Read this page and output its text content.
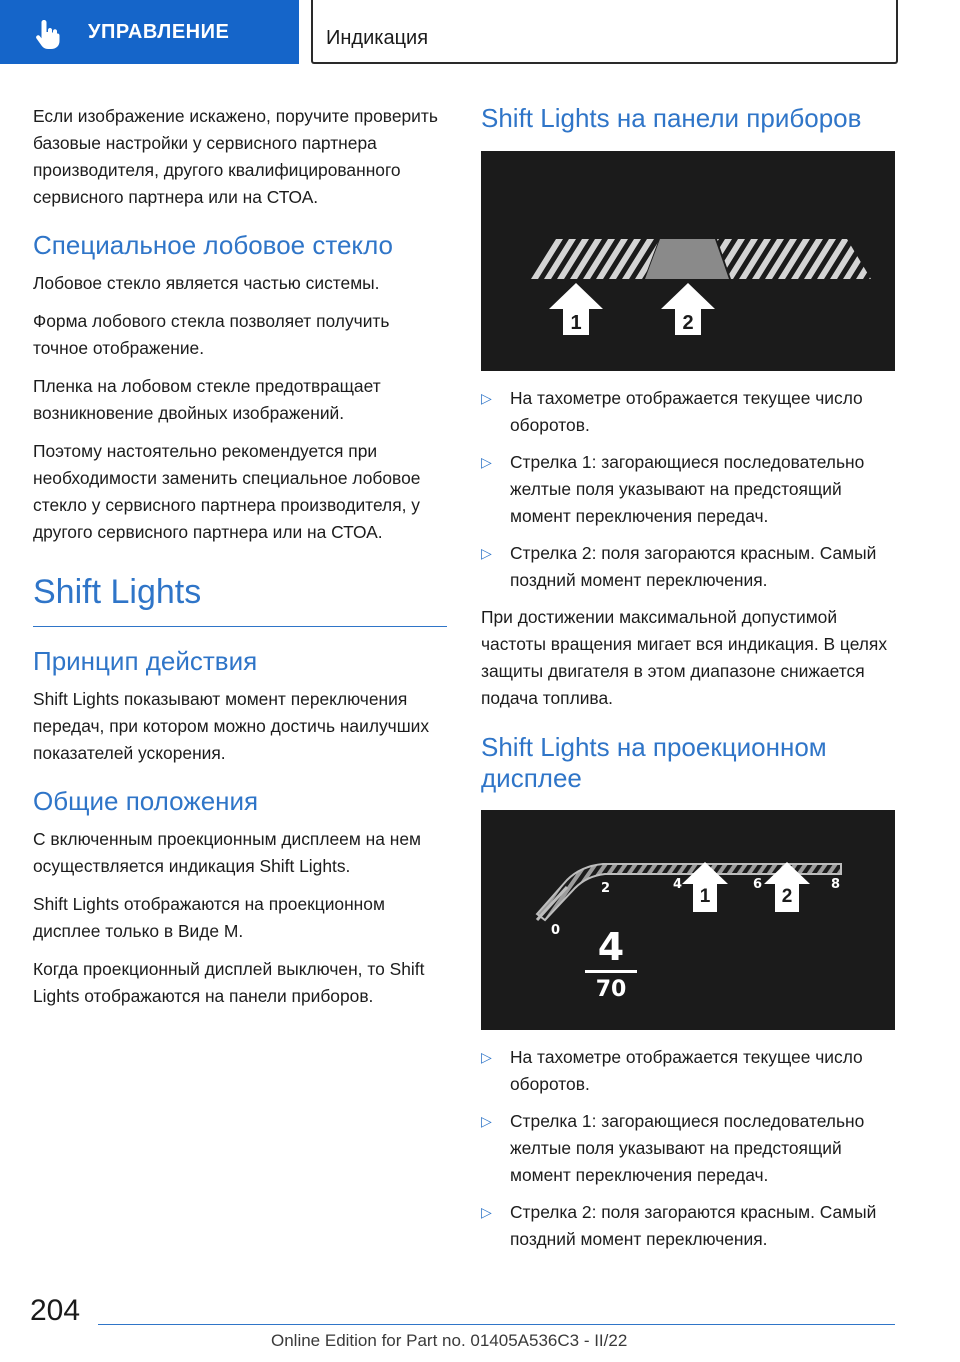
УПРАВЛЕНИЕ	Индикация

Если изображение искажено, поручите проверить базовые настройки у сервисного партнера производителя, другого квалифицированного сервисного партнера или на СТОА.

Специальное лобовое стекло

Лобовое стекло является частью системы.

Форма лобового стекла позволяет получить точное отображение.

Пленка на лобовом стекле предотвращает возникновение двойных изображений.

Поэтому настоятельно рекомендуется при необходимости заменить специальное лобовое стекло у сервисного партнера производителя, у другого сервисного партнера или на СТОА.

Shift Lights
Принцип действия

Shift Lights показывают момент переключения передач, при котором можно достичь наилучших показателей ускорения.

Общие положения

С включенным проекционным дисплеем на нем осуществляется индикация Shift Lights.

Shift Lights отображаются на проекционном дисплее только в Виде M.

Когда проекционный дисплей выключен, то Shift Lights отображаются на панели приборов.

Shift Lights на панели приборов
1	2
▷ На тахометре отображается текущее число оборотов.
▷ Стрелка 1: загорающиеся последовательно желтые поля указывают на предстоящий момент переключения передач.
▷ Стрелка 2: поля загораются красным. Самый поздний момент переключения.

При достижении максимальной допустимой частоты вращения мигает вся индикация. В целях защиты двигателя в этом диапазоне снижается подача топлива.

Shift Lights на проекционном дисплее
0
2	4	6	8
1	2
4
70
▷ На тахометре отображается текущее число оборотов.
▷ Стрелка 1: загорающиеся последовательно желтые поля указывают на предстоящий момент переключения передач.
▷ Стрелка 2: поля загораются красным. Самый поздний момент переключения.
204
Online Edition for Part no. 01405A536C3 - II/22
